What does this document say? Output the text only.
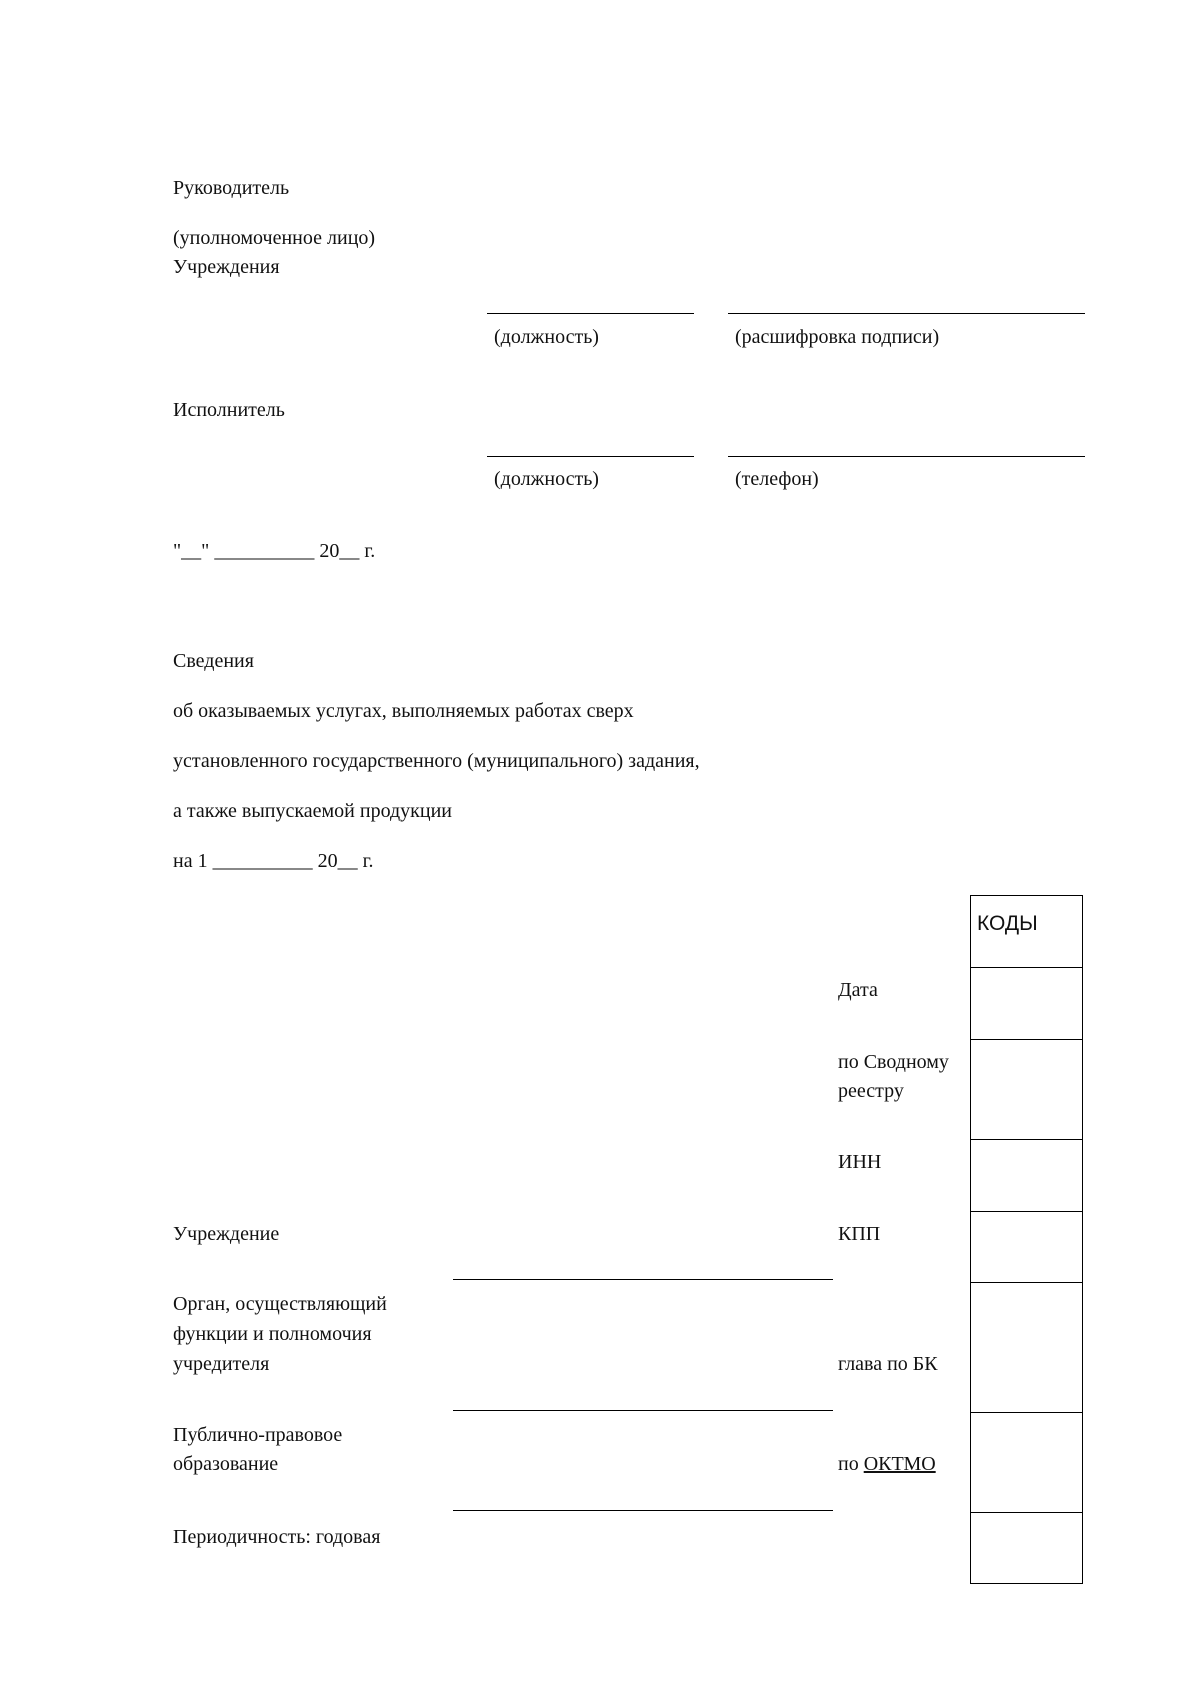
Руководитель
(уполномоченное лицо)
Учреждения
(должность)	(расшифровка подписи)
Исполнитель
(должность)	(телефон)
"__" __________ 20__ г.
Сведения
об оказываемых услугах, выполняемых работах сверх
установленного государственного (муниципального) задания,
а также выпускаемой продукции
на 1 __________ 20__ г.
КОДЫ
Дата
по Сводному
реестру
ИНН
КПП
глава по БК
по ОКТМО
Учреждение
Орган, осуществляющий
функции и полномочия
учредителя
Публично-правовое
образование
Периодичность: годовая
